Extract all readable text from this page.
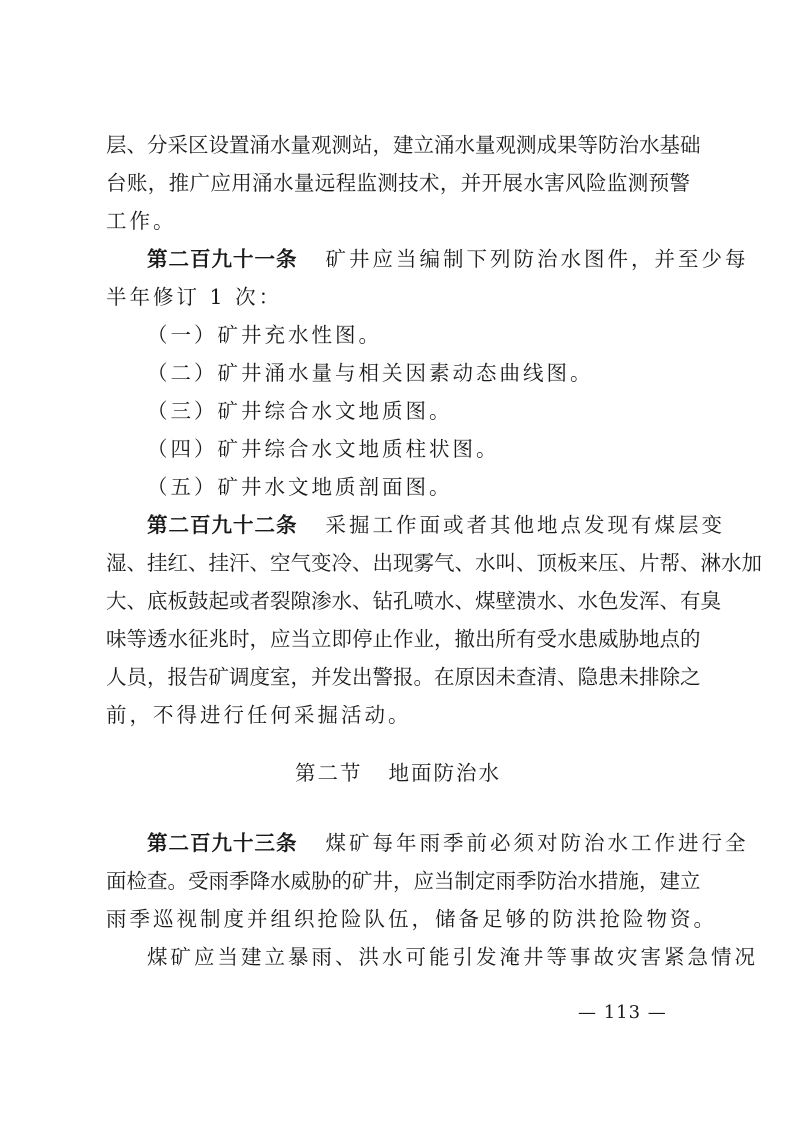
层、分采区设置涌水量观测站，建立涌水量观测成果等防治水基础
台账，推广应用涌水量远程监测技术，并开展水害风险监测预警
工作。
第二百九十一条 矿井应当编制下列防治水图件，并至少每
半年修订 1 次：
（一）矿井充水性图。
（二）矿井涌水量与相关因素动态曲线图。
（三）矿井综合水文地质图。
（四）矿井综合水文地质柱状图。
（五）矿井水文地质剖面图。
第二百九十二条 采掘工作面或者其他地点发现有煤层变
湿、挂红、挂汗、空气变冷、出现雾气、水叫、顶板来压、片帮、淋水加
大、底板鼓起或者裂隙渗水、钻孔喷水、煤壁溃水、水色发浑、有臭
味等透水征兆时，应当立即停止作业，撤出所有受水患威胁地点的
人员，报告矿调度室，并发出警报。在原因未查清、隐患未排除之
前，不得进行任何采掘活动。
第二节 地面防治水
第二百九十三条 煤矿每年雨季前必须对防治水工作进行全
面检查。受雨季降水威胁的矿井，应当制定雨季防治水措施，建立
雨季巡视制度并组织抢险队伍，储备足够的防洪抢险物资。
煤矿应当建立暴雨、洪水可能引发淹井等事故灾害紧急情况
— 113 —
